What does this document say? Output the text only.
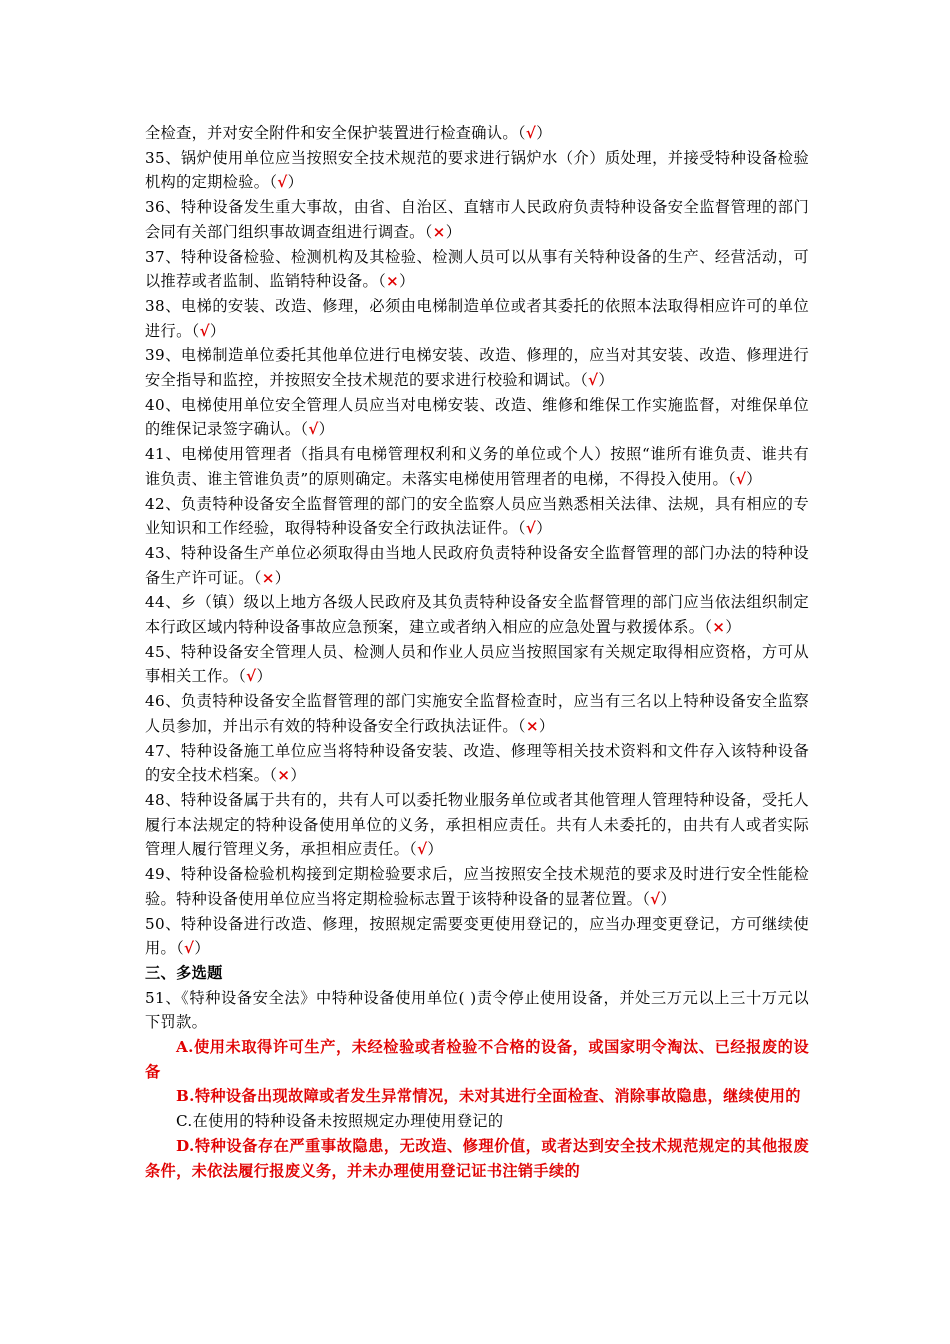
全检查，并对安全附件和安全保护装置进行检查确认。（√）

35、锅炉使用单位应当按照安全技术规范的要求进行锅炉水（介）质处理，并接受特种设备检验机构的定期检验。（√）

36、特种设备发生重大事故，由省、自治区、直辖市人民政府负责特种设备安全监督管理的部门会同有关部门组织事故调查组进行调查。（×）

37、特种设备检验、检测机构及其检验、检测人员可以从事有关特种设备的生产、经营活动，可以推荐或者监制、监销特种设备。（×）

38、电梯的安装、改造、修理，必须由电梯制造单位或者其委托的依照本法取得相应许可的单位进行。（√）

39、电梯制造单位委托其他单位进行电梯安装、改造、修理的，应当对其安装、改造、修理进行安全指导和监控，并按照安全技术规范的要求进行校验和调试。（√）

40、电梯使用单位安全管理人员应当对电梯安装、改造、维修和维保工作实施监督，对维保单位的维保记录签字确认。（√）

41、电梯使用管理者（指具有电梯管理权利和义务的单位或个人）按照“谁所有谁负责、谁共有谁负责、谁主管谁负责”的原则确定。未落实电梯使用管理者的电梯，不得投入使用。（√）

42、负责特种设备安全监督管理的部门的安全监察人员应当熟悉相关法律、法规，具有相应的专业知识和工作经验，取得特种设备安全行政执法证件。（√）

43、特种设备生产单位必须取得由当地人民政府负责特种设备安全监督管理的部门办法的特种设备生产许可证。（×）

44、乡（镇）级以上地方各级人民政府及其负责特种设备安全监督管理的部门应当依法组织制定本行政区域内特种设备事故应急预案，建立或者纳入相应的应急处置与救援体系。（×）

45、特种设备安全管理人员、检测人员和作业人员应当按照国家有关规定取得相应资格，方可从事相关工作。（√）

46、负责特种设备安全监督管理的部门实施安全监督检查时，应当有三名以上特种设备安全监察人员参加，并出示有效的特种设备安全行政执法证件。（×）

47、特种设备施工单位应当将特种设备安装、改造、修理等相关技术资料和文件存入该特种设备的安全技术档案。（×）

48、特种设备属于共有的，共有人可以委托物业服务单位或者其他管理人管理特种设备，受托人履行本法规定的特种设备使用单位的义务，承担相应责任。共有人未委托的，由共有人或者实际管理人履行管理义务，承担相应责任。（√）

49、特种设备检验机构接到定期检验要求后，应当按照安全技术规范的要求及时进行安全性能检验。特种设备使用单位应当将定期检验标志置于该特种设备的显著位置。（√）

50、特种设备进行改造、修理，按照规定需要变更使用登记的，应当办理变更登记，方可继续使用。（√）

三、多选题

51、《特种设备安全法》中特种设备使用单位( )责令停止使用设备，并处三万元以上三十万元以下罚款。

A.使用未取得许可生产，未经检验或者检验不合格的设备，或国家明令淘汰、已经报废的设备

B.特种设备出现故障或者发生异常情况，未对其进行全面检查、消除事故隐患，继续使用的

C.在使用的特种设备未按照规定办理使用登记的

D.特种设备存在严重事故隐患，无改造、修理价值，或者达到安全技术规范规定的其他报废条件，未依法履行报废义务，并未办理使用登记证书注销手续的
